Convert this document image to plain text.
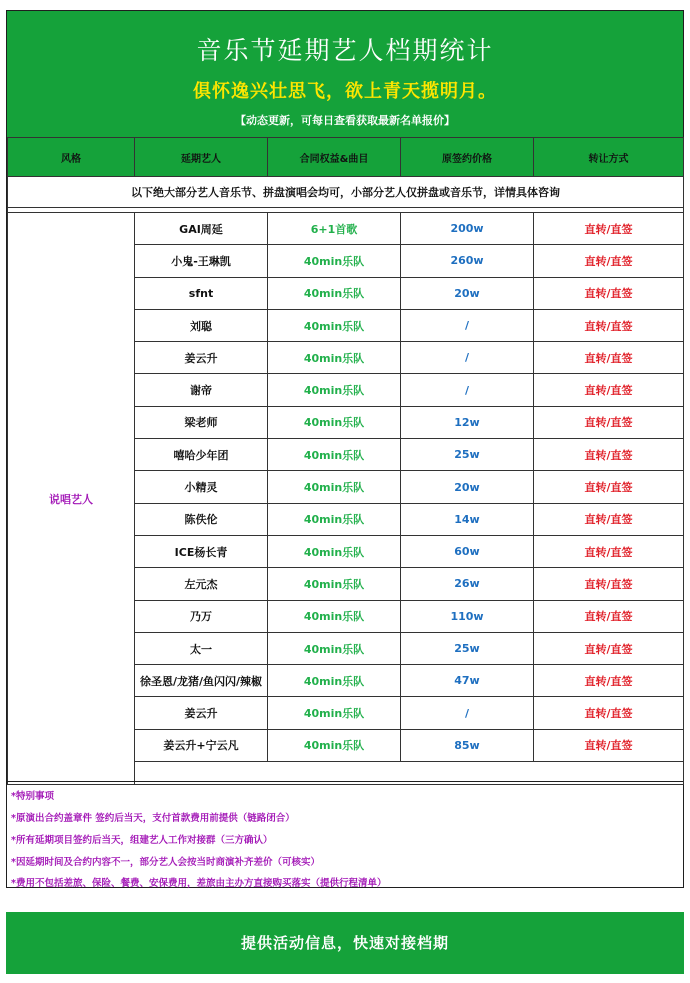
音乐节延期艺人档期统计
俱怀逸兴壮思飞，欲上青天揽明月。
【动态更新，可每日查看获取最新名单报价】
风格	延期艺人	合同权益&曲目	原签约价格	转让方式
以下绝大部分艺人音乐节、拼盘演唱会均可，小部分艺人仅拼盘或音乐节，详情具体咨询				

说唱艺人	GAI周延	6+1首歌	200w	直转/直签
	小鬼-王琳凯	40min乐队	260w	直转/直签
	sfnt	40min乐队	20w	直转/直签
	刘聪	40min乐队	/	直转/直签
	姜云升	40min乐队	/	直转/直签
	谢帝	40min乐队	/	直转/直签
	梁老师	40min乐队	12w	直转/直签
	嘻哈少年团	40min乐队	25w	直转/直签
	小精灵	40min乐队	20w	直转/直签
	陈佚伦	40min乐队	14w	直转/直签
	ICE杨长青	40min乐队	60w	直转/直签
	左元杰	40min乐队	26w	直转/直签
	乃万	40min乐队	110w	直转/直签
	太一	40min乐队	25w	直转/直签
	徐圣恩/龙猪/鱼闪闪/辣椒	40min乐队	47w	直转/直签
	姜云升	40min乐队	/	直转/直签
	姜云升+宁云凡	40min乐队	85w	直转/直签

*特别事项
*原演出合约盖章件 签约后当天，支付首款费用前提供（链路闭合）
*所有延期项目签约后当天，组建艺人工作对接群（三方确认）
*因延期时间及合约内容不一，部分艺人会按当时商演补齐差价（可核实）
*费用不包括差旅、保险、餐费、安保费用，差旅由主办方直接购买落实（提供行程清单）
提供活动信息，快速对接档期
